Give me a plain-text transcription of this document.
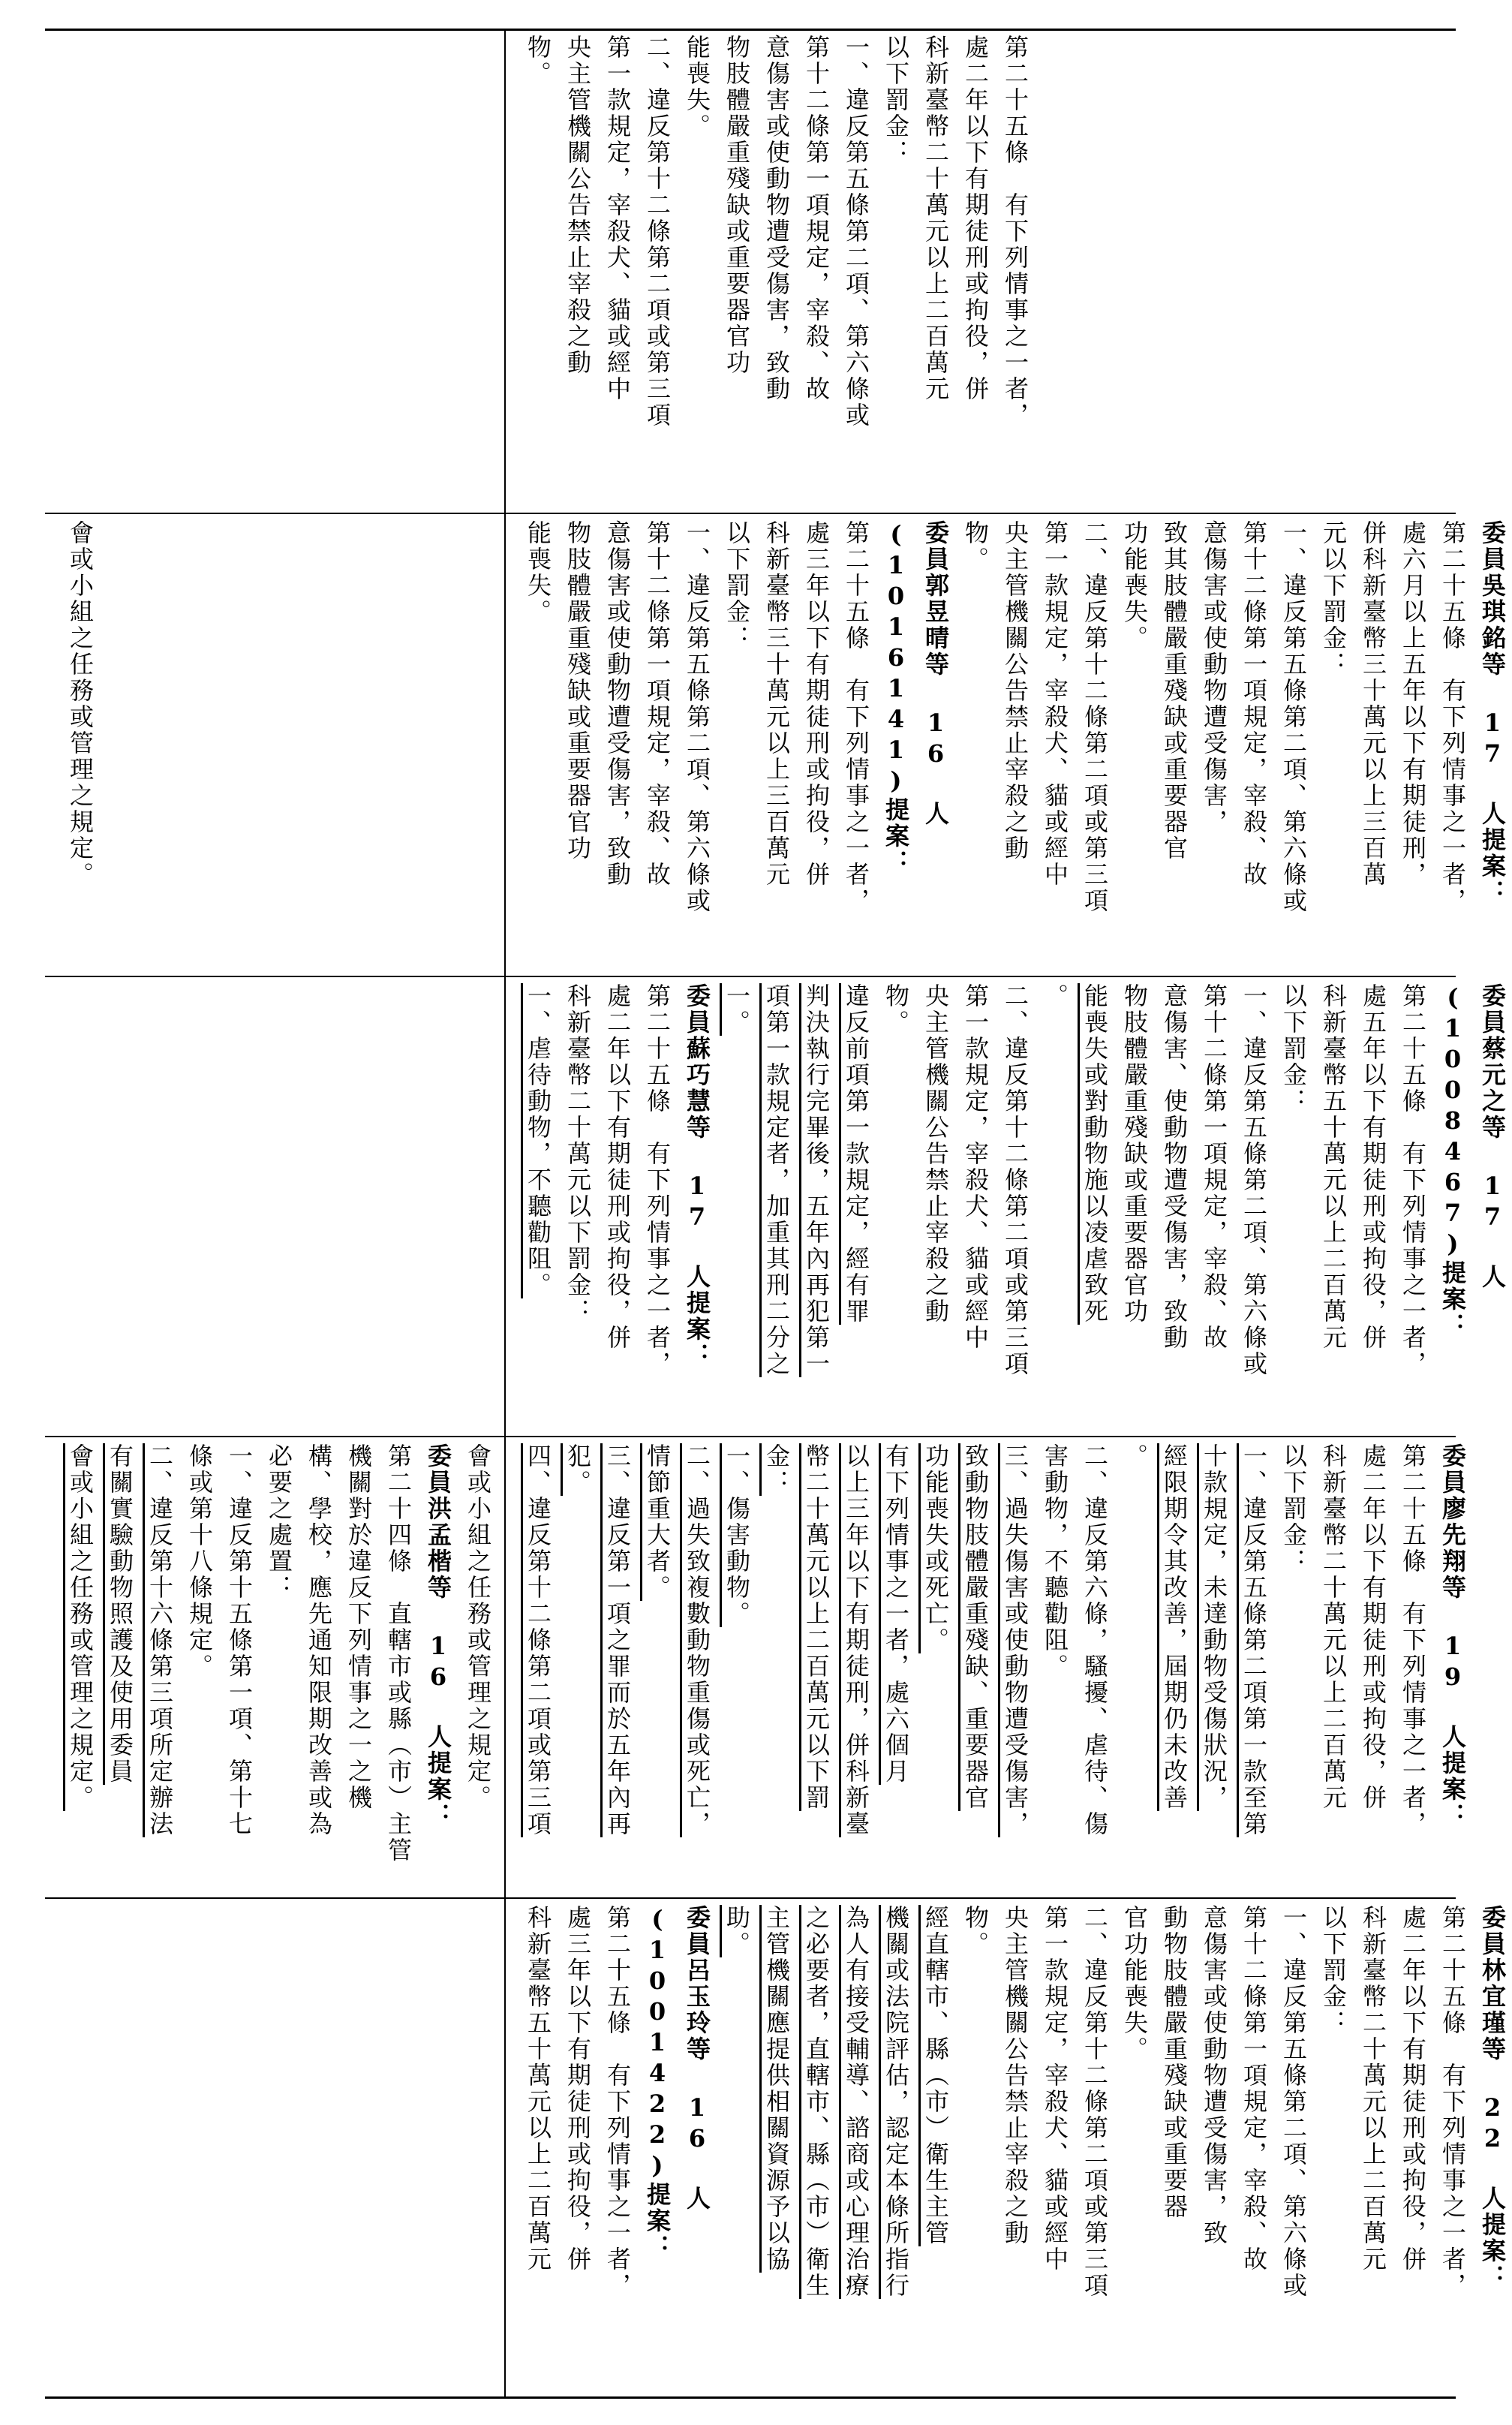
第二十五條　有下列情事之一者，

處二年以下有期徒刑或拘役，併

科新臺幣二十萬元以上二百萬元

以下罰金：

一、違反第五條第二項、第六條或

第十二條第一項規定，宰殺、故

意傷害或使動物遭受傷害，致動

物肢體嚴重殘缺或重要器官功

能喪失。

二、違反第十二條第二項或第三項

第一款規定，宰殺犬、貓或經中

央主管機關公告禁止宰殺之動

物。

會或小組之任務或管理之規定。	委員吳琪銘等 17 人提案：

第二十五條　有下列情事之一者，

處六月以上五年以下有期徒刑，

併科新臺幣三十萬元以上三百萬

元以下罰金：

一、違反第五條第二項、第六條或

第十二條第一項規定，宰殺、故

意傷害或使動物遭受傷害，

致其肢體嚴重殘缺或重要器官

功能喪失。

二、違反第十二條第二項或第三項

第一款規定，宰殺犬、貓或經中

央主管機關公告禁止宰殺之動

物。

委員郭昱晴等 16 人(1016141)提案：

第二十五條　有下列情事之一者，

處三年以下有期徒刑或拘役，併

科新臺幣三十萬元以上三百萬元

以下罰金：

一、違反第五條第二項、第六條或

第十二條第一項規定，宰殺、故

意傷害或使動物遭受傷害，致動

物肢體嚴重殘缺或重要器官功

能喪失。

委員蔡元之等 17 人(1008467)提案：

第二十五條　有下列情事之一者，

處五年以下有期徒刑或拘役，併

科新臺幣五十萬元以上二百萬元

以下罰金：

一、違反第五條第二項、第六條或

第十二條第一項規定，宰殺、故

意傷害、使動物遭受傷害，致動

物肢體嚴重殘缺或重要器官功

能喪失或對動物施以凌虐致死

。

二、違反第十二條第二項或第三項

第一款規定，宰殺犬、貓或經中

央主管機關公告禁止宰殺之動

物。

違反前項第一款規定，經有罪

判決執行完畢後，五年內再犯第一

項第一款規定者，加重其刑二分之

一。

委員蘇巧慧等 17 人提案：

第二十五條　有下列情事之一者，

處二年以下有期徒刑或拘役，併

科新臺幣二十萬元以下罰金：

一、虐待動物，不聽勸阻。

會或小組之任務或管理之規定。

委員洪孟楷等 16 人提案：

第二十四條　直轄市或縣（市）主管

機關對於違反下列情事之一之機

構、學校，應先通知限期改善或為

必要之處置：

一、違反第十五條第一項、第十七

條或第十八條規定。

二、違反第十六條第三項所定辦法

有關實驗動物照護及使用委員

會或小組之任務或管理之規定。	委員廖先翔等 19 人提案：

第二十五條　有下列情事之一者，

處二年以下有期徒刑或拘役，併

科新臺幣二十萬元以上二百萬元

以下罰金：

一、違反第五條第二項第一款至第

十款規定，未達動物受傷狀況，

經限期令其改善，屆期仍未改善

。

二、違反第六條，騷擾、虐待、傷

害動物，不聽勸阻。

三、過失傷害或使動物遭受傷害，

致動物肢體嚴重殘缺、重要器官

功能喪失或死亡。

有下列情事之一者，處六個月

以上三年以下有期徒刑，併科新臺

幣二十萬元以上二百萬元以下罰

金：

一、傷害動物。

二、過失致複數動物重傷或死亡，

情節重大者。

三、違反第一項之罪而於五年內再

犯。

四、違反第十二條第二項或第三項

委員林宜瑾等 22 人提案：

第二十五條　有下列情事之一者，

處二年以下有期徒刑或拘役，併

科新臺幣二十萬元以上二百萬元

以下罰金：

一、違反第五條第二項、第六條或

第十二條第一項規定，宰殺、故

意傷害或使動物遭受傷害，致

動物肢體嚴重殘缺或重要器

官功能喪失。

二、違反第十二條第二項或第三項

第一款規定，宰殺犬、貓或經中

央主管機關公告禁止宰殺之動

物。

經直轄市、縣（市）衛生主管

機關或法院評估，認定本條所指行

為人有接受輔導、諮商或心理治療

之必要者，直轄市、縣（市）衛生

主管機關應提供相關資源予以協

助。

委員呂玉玲等 16 人(1001422)提案：

第二十五條　有下列情事之一者，

處三年以下有期徒刑或拘役，併

科新臺幣五十萬元以上二百萬元
